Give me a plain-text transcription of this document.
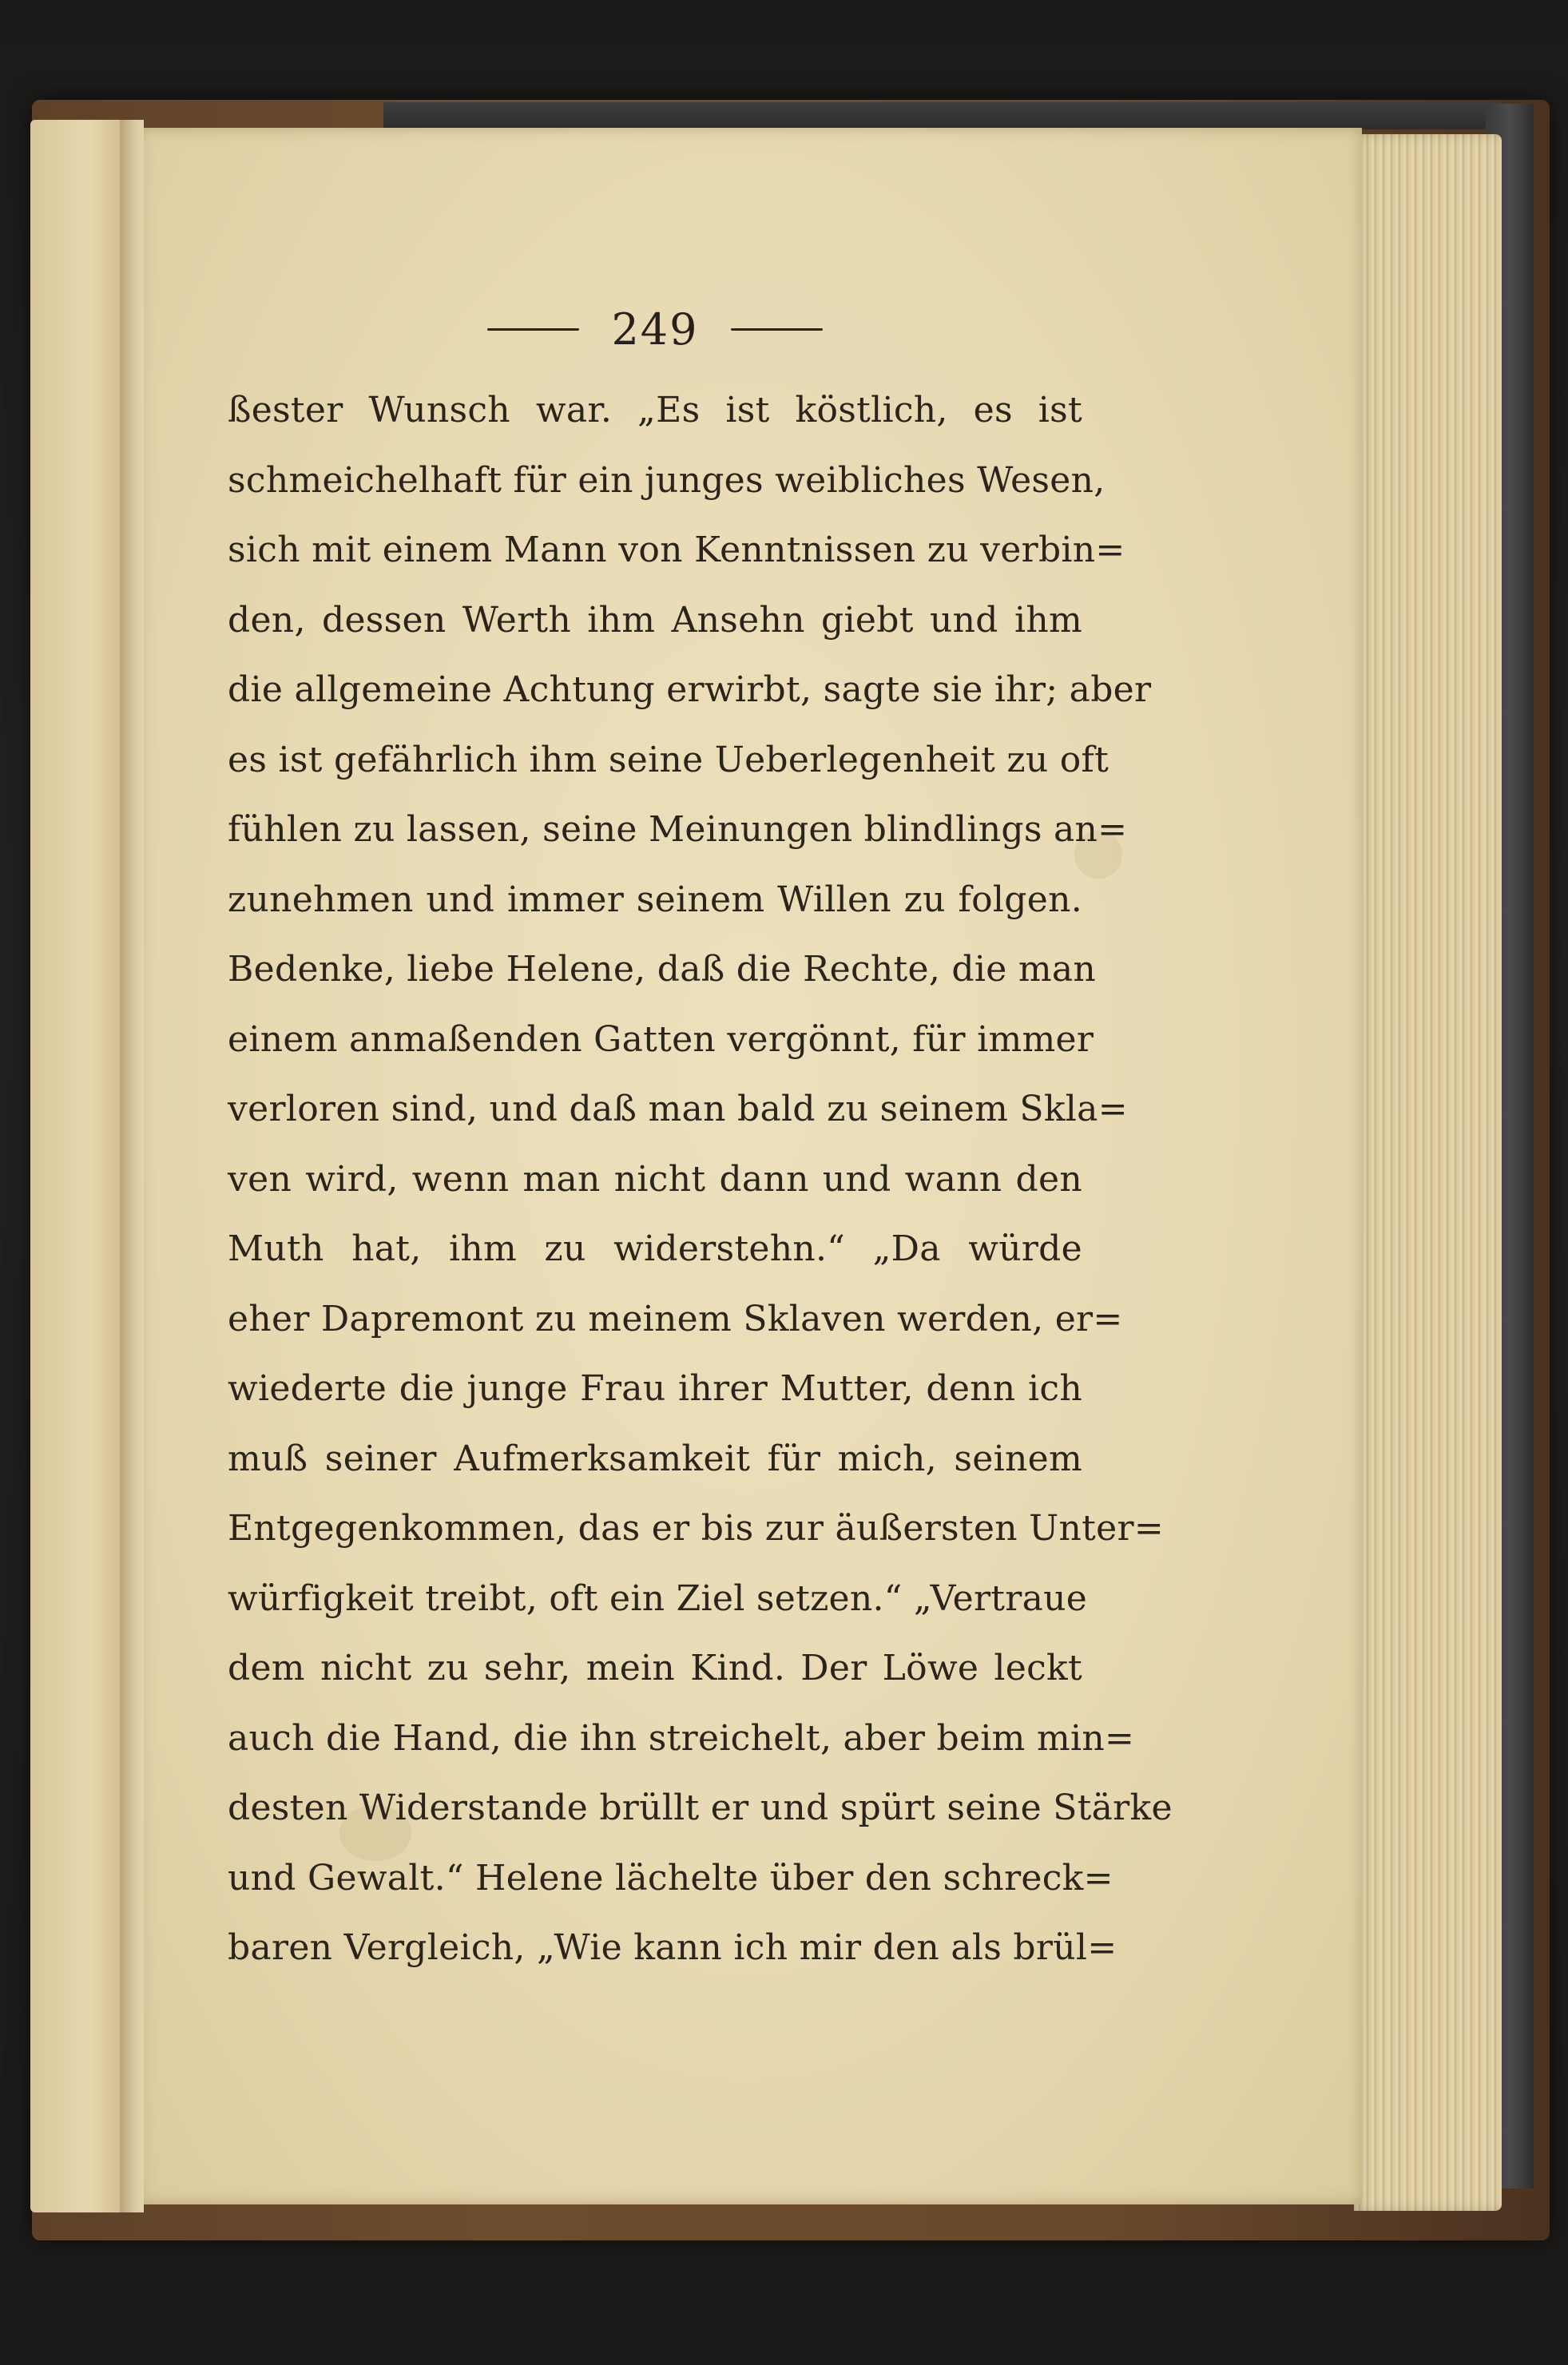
249
ßester Wunsch war. „Es ist köstlich, es ist
schmeichelhaft für ein junges weibliches Wesen,
sich mit einem Mann von Kenntnissen zu verbin=
den, dessen Werth ihm Ansehn giebt und ihm
die allgemeine Achtung erwirbt, sagte sie ihr; aber
es ist gefährlich ihm seine Ueberlegenheit zu oft
fühlen zu lassen, seine Meinungen blindlings an=
zunehmen und immer seinem Willen zu folgen.
Bedenke, liebe Helene, daß die Rechte, die man
einem anmaßenden Gatten vergönnt, für immer
verloren sind, und daß man bald zu seinem Skla=
ven wird, wenn man nicht dann und wann den
Muth hat, ihm zu widerstehn.“ „Da würde
eher Dapremont zu meinem Sklaven werden, er=
wiederte die junge Frau ihrer Mutter, denn ich
muß seiner Aufmerksamkeit für mich, seinem
Entgegenkommen, das er bis zur äußersten Unter=
würfigkeit treibt, oft ein Ziel setzen.“ „Vertraue
dem nicht zu sehr, mein Kind. Der Löwe leckt
auch die Hand, die ihn streichelt, aber beim min=
desten Widerstande brüllt er und spürt seine Stärke
und Gewalt.“ Helene lächelte über den schreck=
baren Vergleich, „Wie kann ich mir den als brül=
